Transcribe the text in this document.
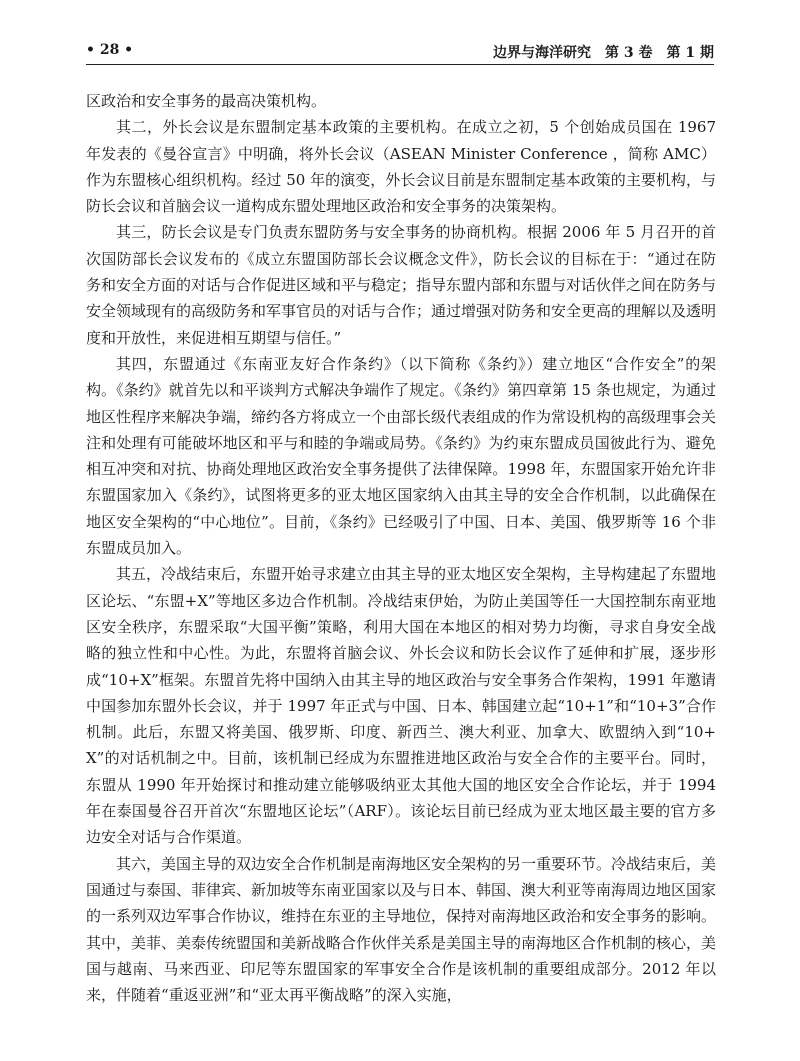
• 28 •	边界与海洋研究　第 3 卷　第 1 期

区政治和安全事务的最高决策机构。

其二，外长会议是东盟制定基本政策的主要机构。在成立之初，5 个创始成员国在 1967 年发表的《曼谷宣言》中明确，将外长会议（ASEAN Minister Conference ，简称 AMC）作为东盟核心组织机构。经过 50 年的演变，外长会议目前是东盟制定基本政策的主要机构，与防长会议和首脑会议一道构成东盟处理地区政治和安全事务的决策架构。

其三，防长会议是专门负责东盟防务与安全事务的协商机构。根据 2006 年 5 月召开的首次国防部长会议发布的《成立东盟国防部长会议概念文件》，防长会议的目标在于：“通过在防务和安全方面的对话与合作促进区域和平与稳定；指导东盟内部和东盟与对话伙伴之间在防务与安全领域现有的高级防务和军事官员的对话与合作；通过增强对防务和安全更高的理解以及透明度和开放性，来促进相互期望与信任。”

其四，东盟通过《东南亚友好合作条约》（以下简称《条约》）建立地区“合作安全”的架构。《条约》就首先以和平谈判方式解决争端作了规定。《条约》第四章第 15 条也规定，为通过地区性程序来解决争端，缔约各方将成立一个由部长级代表组成的作为常设机构的高级理事会关注和处理有可能破坏地区和平与和睦的争端或局势。《条约》为约束东盟成员国彼此行为、避免相互冲突和对抗、协商处理地区政治安全事务提供了法律保障。1998 年，东盟国家开始允许非东盟国家加入《条约》，试图将更多的亚太地区国家纳入由其主导的安全合作机制，以此确保在地区安全架构的“中心地位”。目前，《条约》已经吸引了中国、日本、美国、俄罗斯等 16 个非东盟成员加入。

其五，冷战结束后，东盟开始寻求建立由其主导的亚太地区安全架构，主导构建起了东盟地区论坛、“东盟+X”等地区多边合作机制。冷战结束伊始，为防止美国等任一大国控制东南亚地区安全秩序，东盟采取“大国平衡”策略，利用大国在本地区的相对势力均衡，寻求自身安全战略的独立性和中心性。为此，东盟将首脑会议、外长会议和防长会议作了延伸和扩展，逐步形成“10+X”框架。东盟首先将中国纳入由其主导的地区政治与安全事务合作架构，1991 年邀请中国参加东盟外长会议，并于 1997 年正式与中国、日本、韩国建立起“10+1”和“10+3”合作机制。此后，东盟又将美国、俄罗斯、印度、新西兰、澳大利亚、加拿大、欧盟纳入到“10+X”的对话机制之中。目前，该机制已经成为东盟推进地区政治与安全合作的主要平台。同时，东盟从 1990 年开始探讨和推动建立能够吸纳亚太其他大国的地区安全合作论坛，并于 1994 年在泰国曼谷召开首次“东盟地区论坛”（ARF）。该论坛目前已经成为亚太地区最主要的官方多边安全对话与合作渠道。

其六，美国主导的双边安全合作机制是南海地区安全架构的另一重要环节。冷战结束后，美国通过与泰国、菲律宾、新加坡等东南亚国家以及与日本、韩国、澳大利亚等南海周边地区国家的一系列双边军事合作协议，维持在东亚的主导地位，保持对南海地区政治和安全事务的影响。其中，美菲、美泰传统盟国和美新战略合作伙伴关系是美国主导的南海地区合作机制的核心，美国与越南、马来西亚、印尼等东盟国家的军事安全合作是该机制的重要组成部分。2012 年以来，伴随着“重返亚洲”和“亚太再平衡战略”的深入实施，
